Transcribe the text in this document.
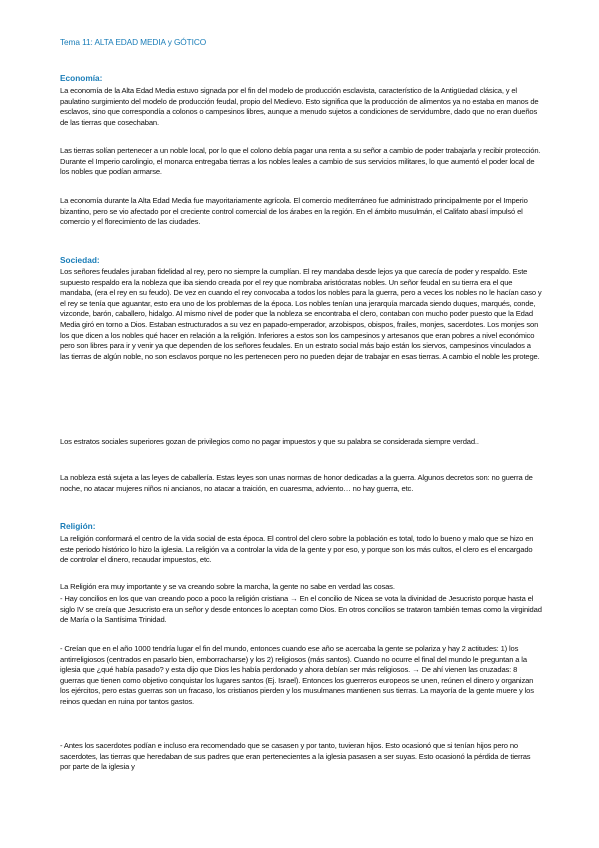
Tema 11: ALTA EDAD MEDIA y GÓTICO
Economía:

La economía de la Alta Edad Media estuvo signada por el fin del modelo de producción esclavista, característico de la Antigüedad clásica, y el paulatino surgimiento del modelo de producción feudal, propio del Medievo. Esto significa que la producción de alimentos ya no estaba en manos de esclavos, sino que correspondía a colonos o campesinos libres, aunque a menudo sujetos a condiciones de servidumbre, dado que no eran dueños de las tierras que cosechaban.

Las tierras solían pertenecer a un noble local, por lo que el colono debía pagar una renta a su señor a cambio de poder trabajarla y recibir protección. Durante el Imperio carolingio, el monarca entregaba tierras a los nobles leales a cambio de sus servicios militares, lo que aumentó el poder local de los nobles que podían armarse.

La economía durante la Alta Edad Media fue mayoritariamente agrícola. El comercio mediterráneo fue administrado principalmente por el Imperio bizantino, pero se vio afectado por el creciente control comercial de los árabes en la región. En el ámbito musulmán, el Califato abasí impulsó el comercio y el florecimiento de las ciudades.

Sociedad:

Los señores feudales juraban fidelidad al rey, pero no siempre la cumplían. El rey mandaba desde lejos ya que carecía de poder y respaldo. Este supuesto respaldo era la nobleza que iba siendo creada por el rey que nombraba aristócratas nobles. Un señor feudal en su tierra era el que mandaba, (era el rey en su feudo). De vez en cuando el rey convocaba a todos los nobles para la guerra, pero a veces los nobles no le hacían caso y el rey se tenía que aguantar, esto era uno de los problemas de la época. Los nobles tenían una jerarquía marcada siendo duques, marqués, conde, vizconde, barón, caballero, hidalgo. Al mismo nivel de poder que la nobleza se encontraba el clero, contaban con mucho poder puesto que la Edad Media giró en torno a Dios. Estaban estructurados a su vez en papado-emperador, arzobispos, obispos, frailes, monjes, sacerdotes. Los monjes son los que dicen a los nobles qué hacer en relación a la religión. Inferiores a estos son los campesinos y artesanos que eran pobres a nivel económico pero son libres para ir y venir ya que dependen de los señores feudales. En un estrato social más bajo están los siervos, campesinos vinculados a las tierras de algún noble, no son esclavos porque no les pertenecen pero no pueden dejar de trabajar en esas tierras. A cambio el noble les protege.

Los estratos sociales superiores gozan de privilegios como no pagar impuestos y que su palabra se considerada siempre verdad..

La nobleza está sujeta a las leyes de caballería. Estas leyes son unas normas de honor dedicadas a la guerra. Algunos decretos son: no guerra de noche, no atacar mujeres niños ni ancianos, no atacar a traición, en cuaresma, adviento… no hay guerra, etc.

Religión:

La religión conformará el centro de la vida social de esta época. El control del clero sobre la población es total, todo lo bueno y malo que se hizo en este periodo histórico lo hizo la iglesia. La religión va a controlar la vida de la gente y por eso, y porque son los más cultos, el clero es el encargado de controlar el dinero, recaudar impuestos, etc.

La Religión era muy importante y se va creando sobre la marcha, la gente no sabe en verdad las cosas.

- Hay concilios en los que van creando poco a poco la religión cristiana → En el concilio de Nicea se vota la divinidad de Jesucristo porque hasta el siglo IV se creía que Jesucristo era un señor y desde entonces lo aceptan como Dios. En otros concilios se trataron también temas como la virginidad de María o la Santísima Trinidad.

- Creían que en el año 1000 tendría lugar el fin del mundo, entonces cuando ese año se acercaba la gente se polariza y hay 2 actitudes: 1) los antirreligiosos (centrados en pasarlo bien, emborracharse) y los 2) religiosos (más santos). Cuando no ocurre el final del mundo le preguntan a la iglesia que ¿qué había pasado? y esta dijo que Dios les había perdonado y ahora debían ser más religiosos. → De ahí vienen las cruzadas: 8 guerras que tienen como objetivo conquistar los lugares santos (Ej. Israel). Entonces los guerreros europeos se unen, reúnen el dinero y organizan los ejércitos, pero estas guerras son un fracaso, los cristianos pierden y los musulmanes mantienen sus tierras. La mayoría de la gente muere y los reinos quedan en ruina por tantos gastos.

- Antes los sacerdotes podían e incluso era recomendado que se casasen y por tanto, tuvieran hijos. Esto ocasionó que si tenían hijos pero no sacerdotes, las tierras que heredaban de sus padres que eran pertenecientes a la iglesia pasasen a ser suyas. Esto ocasionó la pérdida de tierras por parte de la iglesia y
